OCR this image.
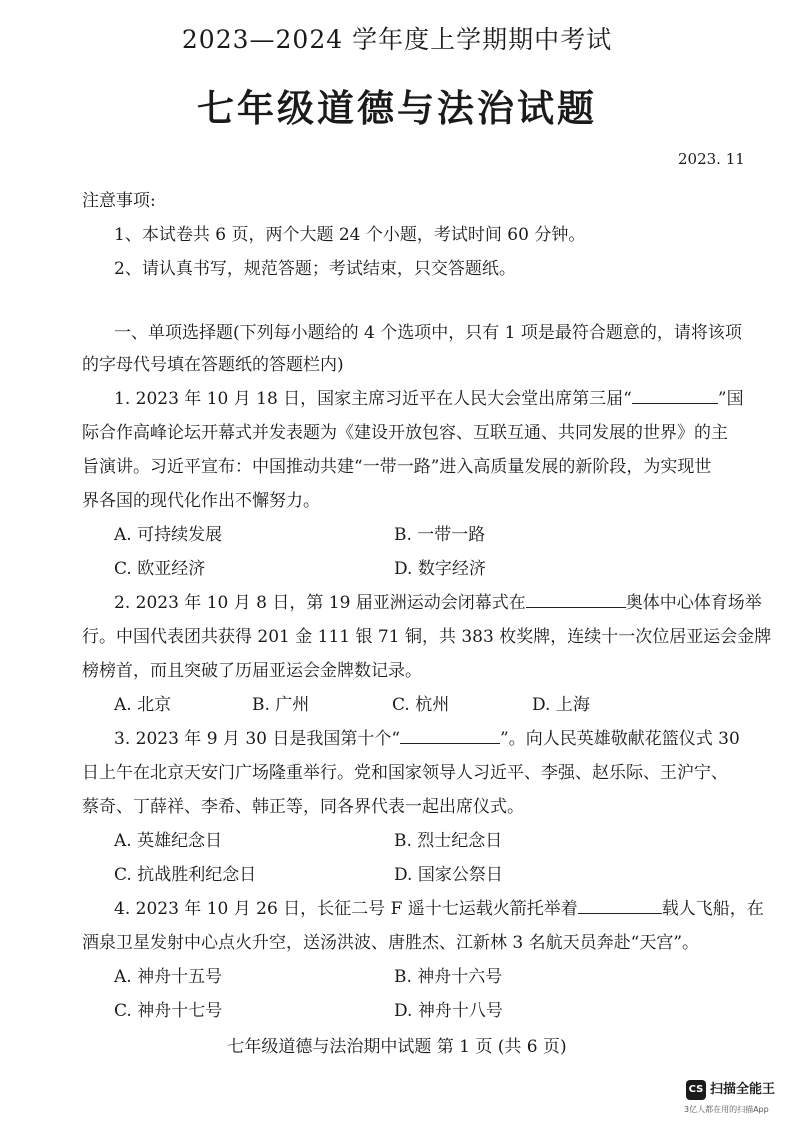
2023—2024 学年度上学期期中考试
七年级道德与法治试题
2023. 11
注意事项:
1、本试卷共 6 页，两个大题 24 个小题，考试时间 60 分钟。
2、请认真书写，规范答题；考试结束，只交答题纸。
一、单项选择题(下列每小题给的 4 个选项中，只有 1 项是最符合题意的，请将该项
的字母代号填在答题纸的答题栏内)
1. 2023 年 10 月 18 日，国家主席习近平在人民大会堂出席第三届“	”国
际合作高峰论坛开幕式并发表题为《建设开放包容、互联互通、共同发展的世界》的主
旨演讲。习近平宣布：中国推动共建“一带一路”进入高质量发展的新阶段，为实现世
界各国的现代化作出不懈努力。
A. 可持续发展	B. 一带一路
C. 欧亚经济	D. 数字经济
2. 2023 年 10 月 8 日，第 19 届亚洲运动会闭幕式在	奥体中心体育场举
行。中国代表团共获得 201 金 111 银 71 铜，共 383 枚奖牌，连续十一次位居亚运会金牌
榜榜首，而且突破了历届亚运会金牌数记录。
A. 北京	B. 广州	C. 杭州	D. 上海
3. 2023 年 9 月 30 日是我国第十个“	”。向人民英雄敬献花篮仪式 30
日上午在北京天安门广场隆重举行。党和国家领导人习近平、李强、赵乐际、王沪宁、
蔡奇、丁薛祥、李希、韩正等，同各界代表一起出席仪式。
A. 英雄纪念日	B. 烈士纪念日
C. 抗战胜利纪念日	D. 国家公祭日
4. 2023 年 10 月 26 日，长征二号 F 遥十七运载火箭托举着	载人飞船，在
酒泉卫星发射中心点火升空，送汤洪波、唐胜杰、江新林 3 名航天员奔赴“天宫”。
A. 神舟十五号	B. 神舟十六号
C. 神舟十七号	D. 神舟十八号
七年级道德与法治期中试题 第 1 页 (共 6 页)
CS 扫描全能王
3亿人都在用的扫描App
